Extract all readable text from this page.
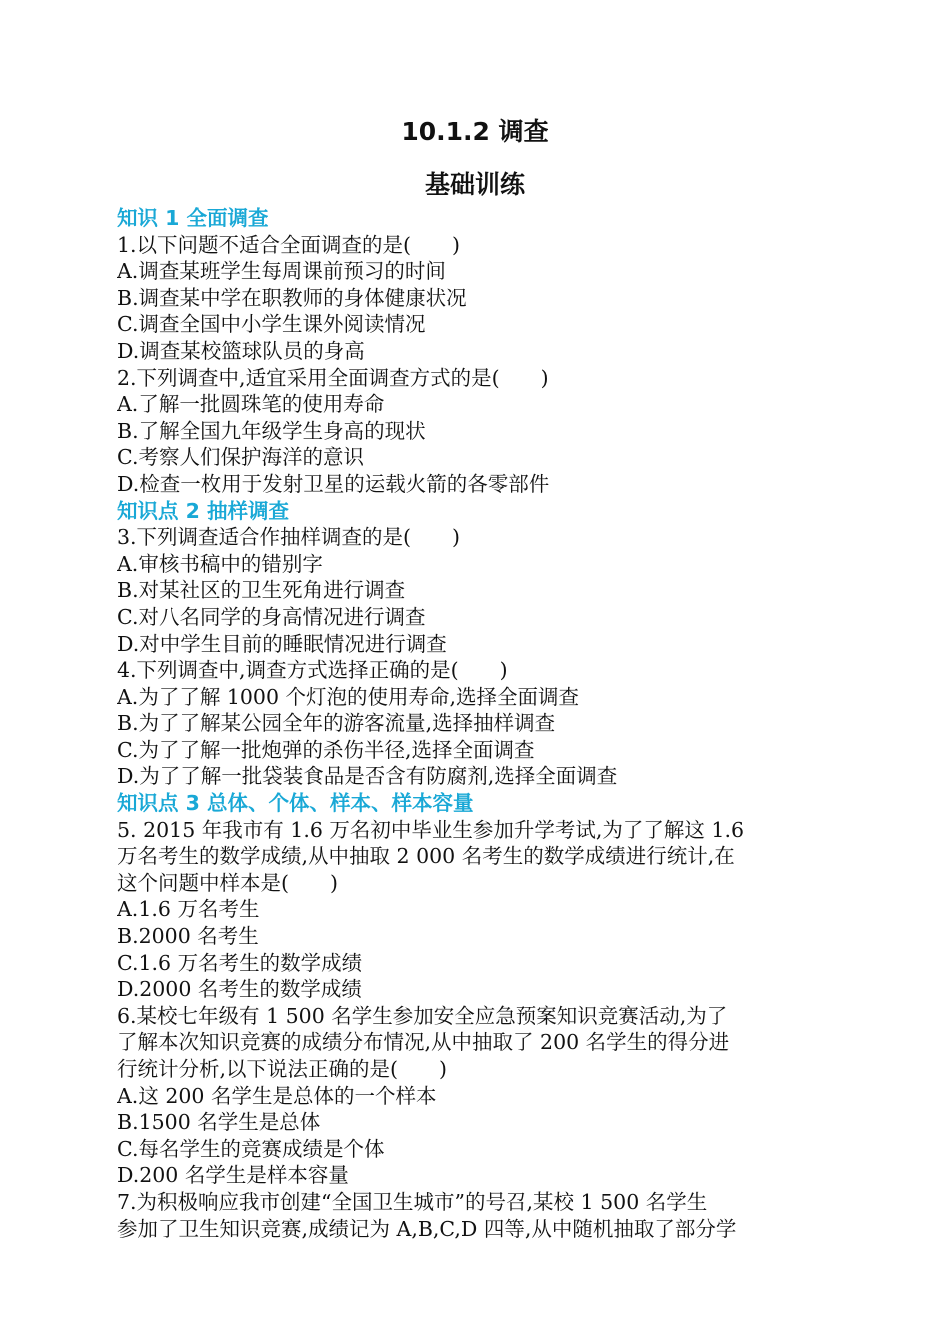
10.1.2 调查
基础训练
知识 1 全面调查
1.以下问题不适合全面调查的是(　　)
A.调查某班学生每周课前预习的时间
B.调查某中学在职教师的身体健康状况
C.调查全国中小学生课外阅读情况
D.调查某校篮球队员的身高
2.下列调查中,适宜采用全面调查方式的是(　　)
A.了解一批圆珠笔的使用寿命
B.了解全国九年级学生身高的现状
C.考察人们保护海洋的意识
D.检查一枚用于发射卫星的运载火箭的各零部件
知识点 2 抽样调查
3.下列调查适合作抽样调查的是(　　)
A.审核书稿中的错别字
B.对某社区的卫生死角进行调查
C.对八名同学的身高情况进行调查
D.对中学生目前的睡眠情况进行调查
4.下列调查中,调查方式选择正确的是(　　)
A.为了了解 1000 个灯泡的使用寿命,选择全面调查
B.为了了解某公园全年的游客流量,选择抽样调查
C.为了了解一批炮弹的杀伤半径,选择全面调查
D.为了了解一批袋装食品是否含有防腐剂,选择全面调查
知识点 3 总体、个体、样本、样本容量
5. 2015 年我市有 1.6 万名初中毕业生参加升学考试,为了了解这 1.6
万名考生的数学成绩,从中抽取 2 000 名考生的数学成绩进行统计,在
这个问题中样本是(　　)
A.1.6 万名考生
B.2000 名考生
C.1.6 万名考生的数学成绩
D.2000 名考生的数学成绩
6.某校七年级有 1 500 名学生参加安全应急预案知识竞赛活动,为了
了解本次知识竞赛的成绩分布情况,从中抽取了 200 名学生的得分进
行统计分析,以下说法正确的是(　　)
A.这 200 名学生是总体的一个样本
B.1500 名学生是总体
C.每名学生的竞赛成绩是个体
D.200 名学生是样本容量
7.为积极响应我市创建“全国卫生城市”的号召,某校 1 500 名学生
参加了卫生知识竞赛,成绩记为 A,B,C,D 四等,从中随机抽取了部分学
